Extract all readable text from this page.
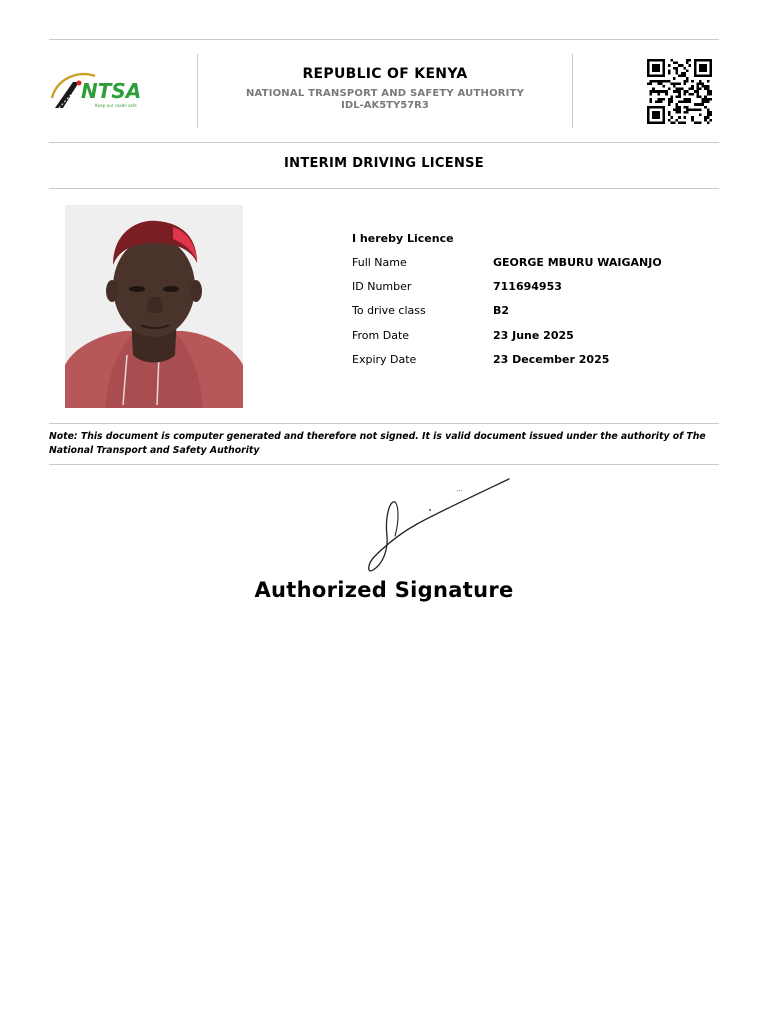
NTSA
Keep our roads safe
REPUBLIC OF KENYA
NATIONAL TRANSPORT AND SAFETY AUTHORITY
IDL-AK5TY57R3
INTERIM DRIVING LICENSE
I hereby Licence
Full Name	GEORGE MBURU WAIGANJO
ID Number	711694953
To drive class	B2
From Date	23 June 2025
Expiry Date	23 December 2025
Note: This document is computer generated and therefore not signed. It is valid document issued under the authority of The National Transport and Safety Authority
Authorized Signature
